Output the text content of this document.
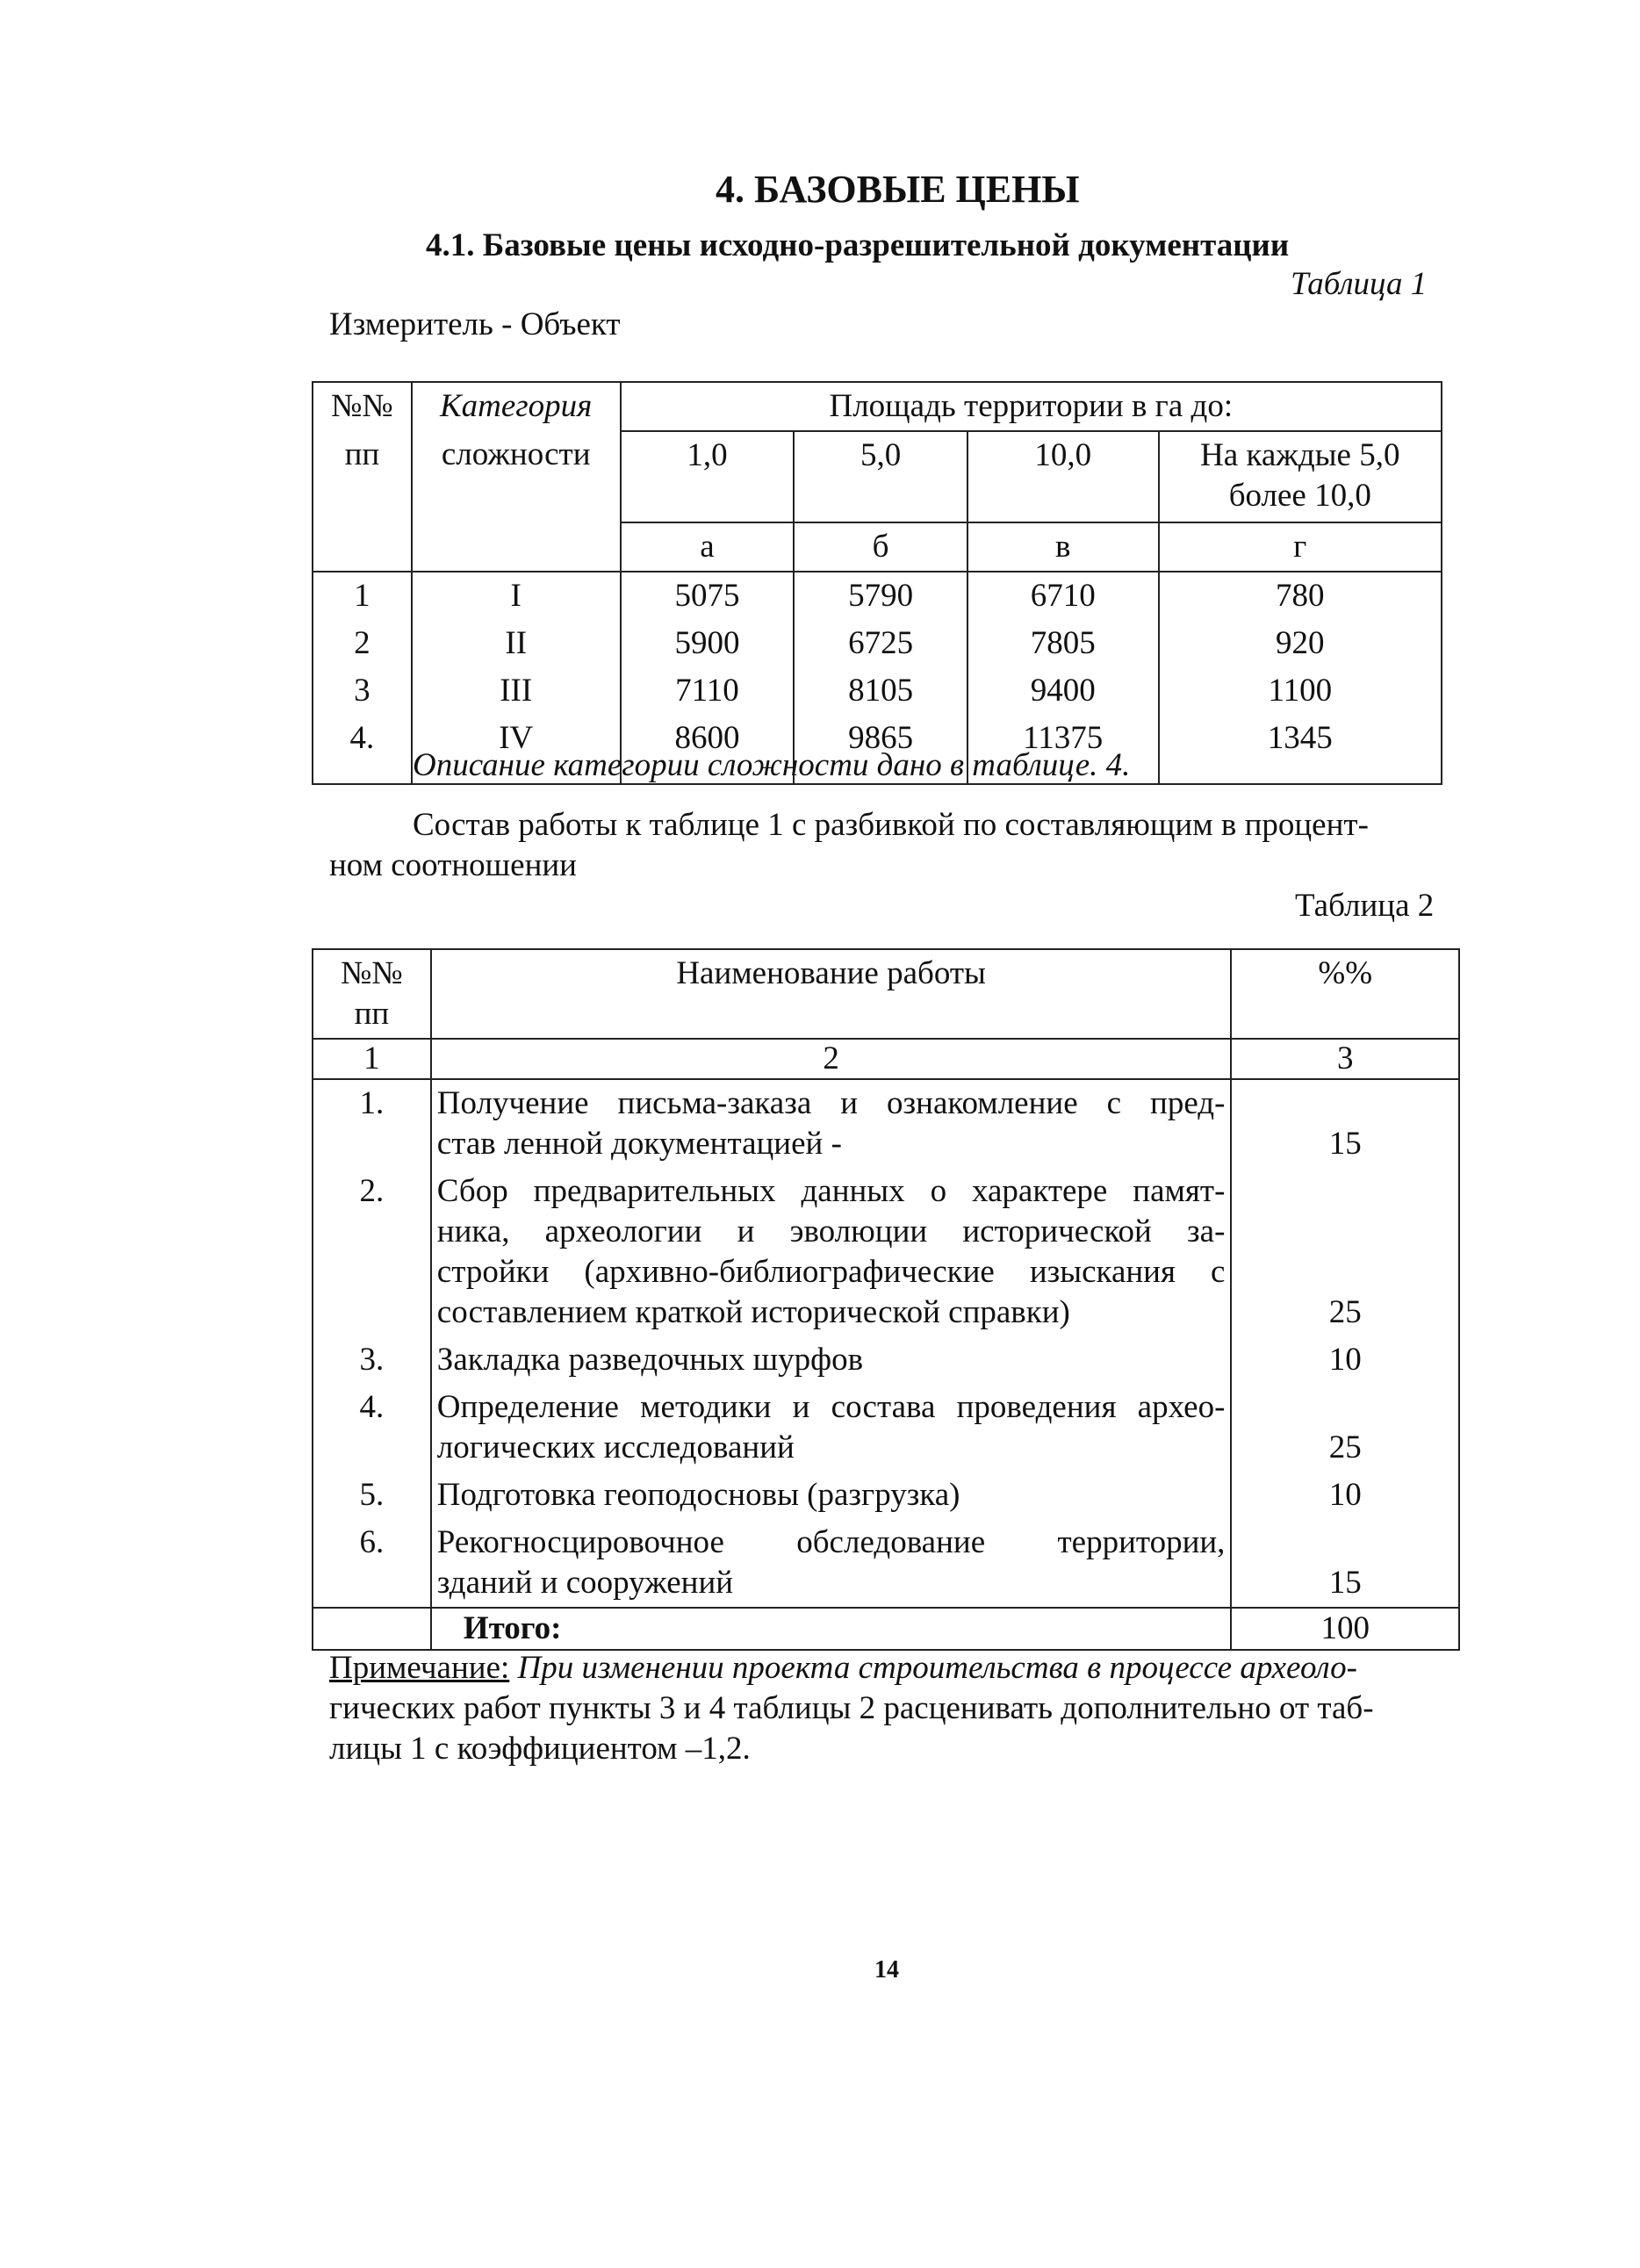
4. БАЗОВЫЕ ЦЕНЫ
4.1. Базовые цены исходно-разрешительной документации
Таблица 1
Измеритель - Объект
№№	Категория	Площадь территории в га до:			
пп	сложности	1,0	5,0	10,0	На каждые 5,0
более 10,0
		а	б	в	г
1	I	5075	5790	6710	780
2	II	5900	6725	7805	920
3	III	7110	8105	9400	1100
4.	IV	8600	9865	11375	1345
Описание категории сложности дано в таблице. 4.
Состав работы к таблице 1 с разбивкой по составляющим в процент-
ном соотношении
Таблица 2
№№
пп	Наименование работы	%%
1	2	3
1.	Получение письма-заказа и ознакомление с пред-
став ленной документацией -	15
2.	Сбор предварительных данных о характере памят-
ника, археологии и эволюции исторической за-
стройки (архивно-библиографические изыскания с
составлением краткой исторической справки)	25
3.	Закладка разведочных шурфов	10
4.	Определение методики и состава проведения архео-
логических исследований	25
5.	Подготовка геоподосновы (разгрузка)	10
6.	Рекогносцировочное обследование территории,
зданий и сооружений	15
	Итого:	100
Примечание: При изменении проекта строительства в процессе археоло-
гических работ пункты 3 и 4 таблицы 2 расценивать дополнительно от таб-
лицы 1 с коэффициентом –1,2.
14
